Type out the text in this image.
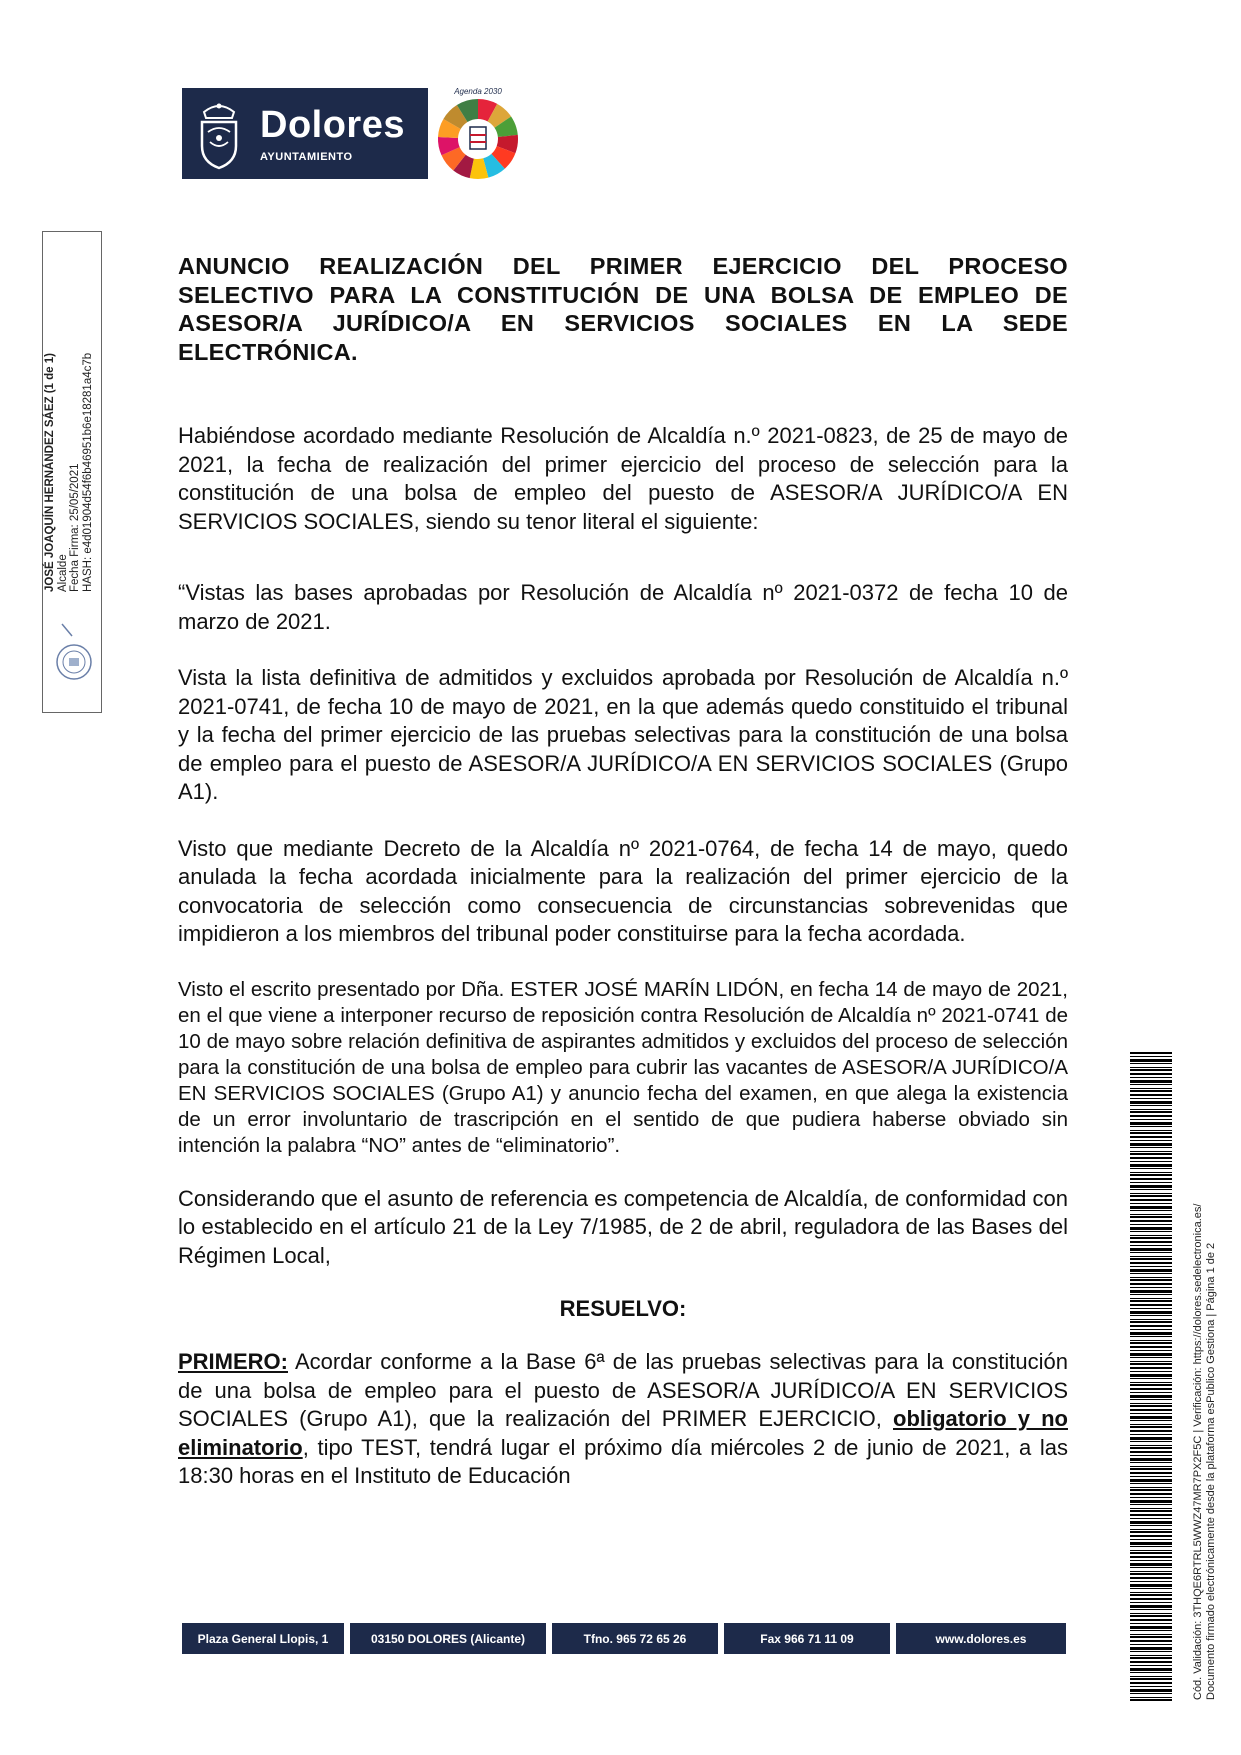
Dolores
AYUNTAMIENTO
Agenda 2030
JOSÉ JOAQUÍN HERNÁNDEZ SÁEZ (1 de 1) Alcalde Fecha Firma: 25/05/2021 HASH: e4d01904d54f6b46951b6e18281a4c7b
Cód. Validación: 3THQE6RTRL5WWZ47MR7PX2F5C | Verificación: https://dolores.sedelectronica.es/ Documento firmado electrónicamente desde la plataforma esPublico Gestiona | Página 1 de 2

ANUNCIO REALIZACIÓN DEL PRIMER EJERCICIO DEL PROCESO SELECTIVO PARA LA CONSTITUCIÓN DE UNA BOLSA DE EMPLEO DE ASESOR/A JURÍDICO/A EN SERVICIOS SOCIALES EN LA SEDE ELECTRÓNICA.

Habiéndose acordado mediante Resolución de Alcaldía n.º 2021-0823, de 25 de mayo de 2021, la fecha de realización del primer ejercicio del proceso de selección para la constitución de una bolsa de empleo del puesto de ASESOR/A JURÍDICO/A EN SERVICIOS SOCIALES, siendo su tenor literal el siguiente:

“Vistas las bases aprobadas por Resolución de Alcaldía nº 2021-0372 de fecha 10 de marzo de 2021.

Vista la lista definitiva de admitidos y excluidos aprobada por Resolución de Alcaldía n.º 2021-0741, de fecha 10 de mayo de 2021, en la que además quedo constituido el tribunal y la fecha del primer ejercicio de las pruebas selectivas para la constitución de una bolsa de empleo para el puesto de ASESOR/A JURÍDICO/A EN SERVICIOS SOCIALES (Grupo A1).

Visto que mediante Decreto de la Alcaldía nº 2021-0764, de fecha 14 de mayo, quedo anulada la fecha acordada inicialmente para la realización del primer ejercicio de la convocatoria de selección como consecuencia de circunstancias sobrevenidas que impidieron a los miembros del tribunal poder constituirse para la fecha acordada.

Visto el escrito presentado por Dña. ESTER JOSÉ MARÍN LIDÓN, en fecha 14 de mayo de 2021, en el que viene a interponer recurso de reposición contra Resolución de Alcaldía nº 2021-0741 de 10 de mayo sobre relación definitiva de aspirantes admitidos y excluidos del proceso de selección para la constitución de una bolsa de empleo para cubrir las vacantes de ASESOR/A JURÍDICO/A EN SERVICIOS SOCIALES (Grupo A1) y anuncio fecha del examen, en que alega la existencia de un error involuntario de trascripción en el sentido de que pudiera haberse obviado sin intención la palabra “NO” antes de “eliminatorio”.

Considerando que el asunto de referencia es competencia de Alcaldía, de conformidad con lo establecido en el artículo 21 de la Ley 7/1985, de 2 de abril, reguladora de las Bases del Régimen Local,

RESUELVO:

PRIMERO: Acordar conforme a la Base 6ª de las pruebas selectivas para la constitución de una bolsa de empleo para el puesto de ASESOR/A JURÍDICO/A EN SERVICIOS SOCIALES (Grupo A1), que la realización del PRIMER EJERCICIO, obligatorio y no eliminatorio, tipo TEST, tendrá lugar el próximo día miércoles 2 de junio de 2021, a las 18:30 horas en el Instituto de Educación

Plaza General Llopis, 1	03150 DOLORES (Alicante)	Tfno. 965 72 65 26	Fax 966 71 11 09	www.dolores.es
